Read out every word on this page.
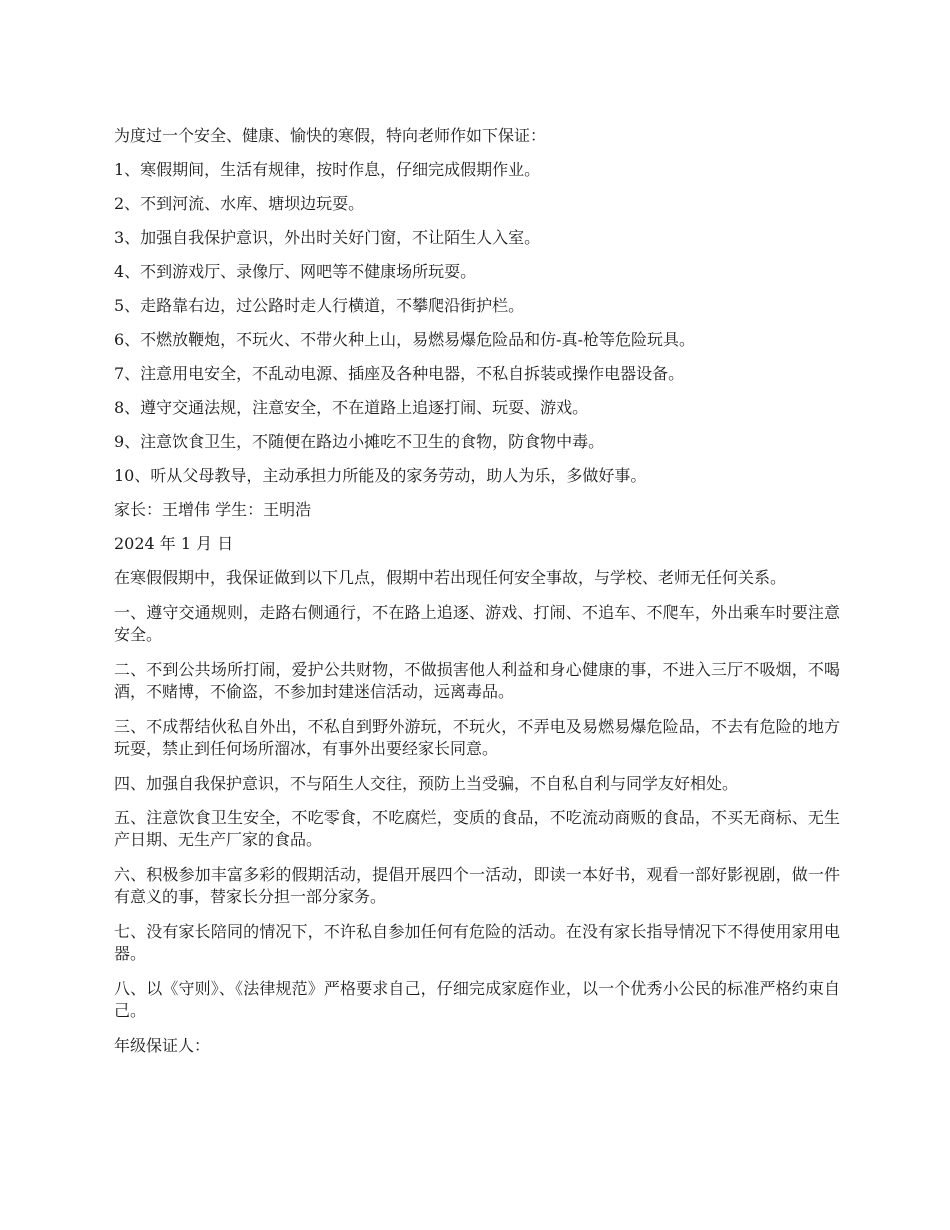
为度过一个安全、健康、愉快的寒假，特向老师作如下保证：

1、寒假期间，生活有规律，按时作息，仔细完成假期作业。

2、不到河流、水库、塘坝边玩耍。

3、加强自我保护意识，外出时关好门窗，不让陌生人入室。

4、不到游戏厅、录像厅、网吧等不健康场所玩耍。

5、走路靠右边，过公路时走人行横道，不攀爬沿街护栏。

6、不燃放鞭炮，不玩火、不带火种上山，易燃易爆危险品和仿-真-枪等危险玩具。

7、注意用电安全，不乱动电源、插座及各种电器，不私自拆装或操作电器设备。

8、遵守交通法规，注意安全，不在道路上追逐打闹、玩耍、游戏。

9、注意饮食卫生，不随便在路边小摊吃不卫生的食物，防食物中毒。

10、听从父母教导，主动承担力所能及的家务劳动，助人为乐，多做好事。

家长：王增伟 学生：王明浩

2024 年 1 月 日

在寒假假期中，我保证做到以下几点，假期中若出现任何安全事故，与学校、老师无任何关系。

一、遵守交通规则，走路右侧通行，不在路上追逐、游戏、打闹、不追车、不爬车，外出乘车时要注意安全。

二、不到公共场所打闹，爱护公共财物，不做损害他人利益和身心健康的事，不进入三厅不吸烟，不喝酒，不赌博，不偷盗，不参加封建迷信活动，远离毒品。

三、不成帮结伙私自外出，不私自到野外游玩，不玩火，不弄电及易燃易爆危险品，不去有危险的地方玩耍，禁止到任何场所溜冰，有事外出要经家长同意。

四、加强自我保护意识，不与陌生人交往，预防上当受骗，不自私自利与同学友好相处。

五、注意饮食卫生安全，不吃零食，不吃腐烂，变质的食品，不吃流动商贩的食品，不买无商标、无生产日期、无生产厂家的食品。

六、积极参加丰富多彩的假期活动，提倡开展四个一活动，即读一本好书，观看一部好影视剧，做一件有意义的事，替家长分担一部分家务。

七、没有家长陪同的情况下，不许私自参加任何有危险的活动。在没有家长指导情况下不得使用家用电器。

八、以《守则》、《法律规范》严格要求自己，仔细完成家庭作业，以一个优秀小公民的标准严格约束自己。

年级保证人：
